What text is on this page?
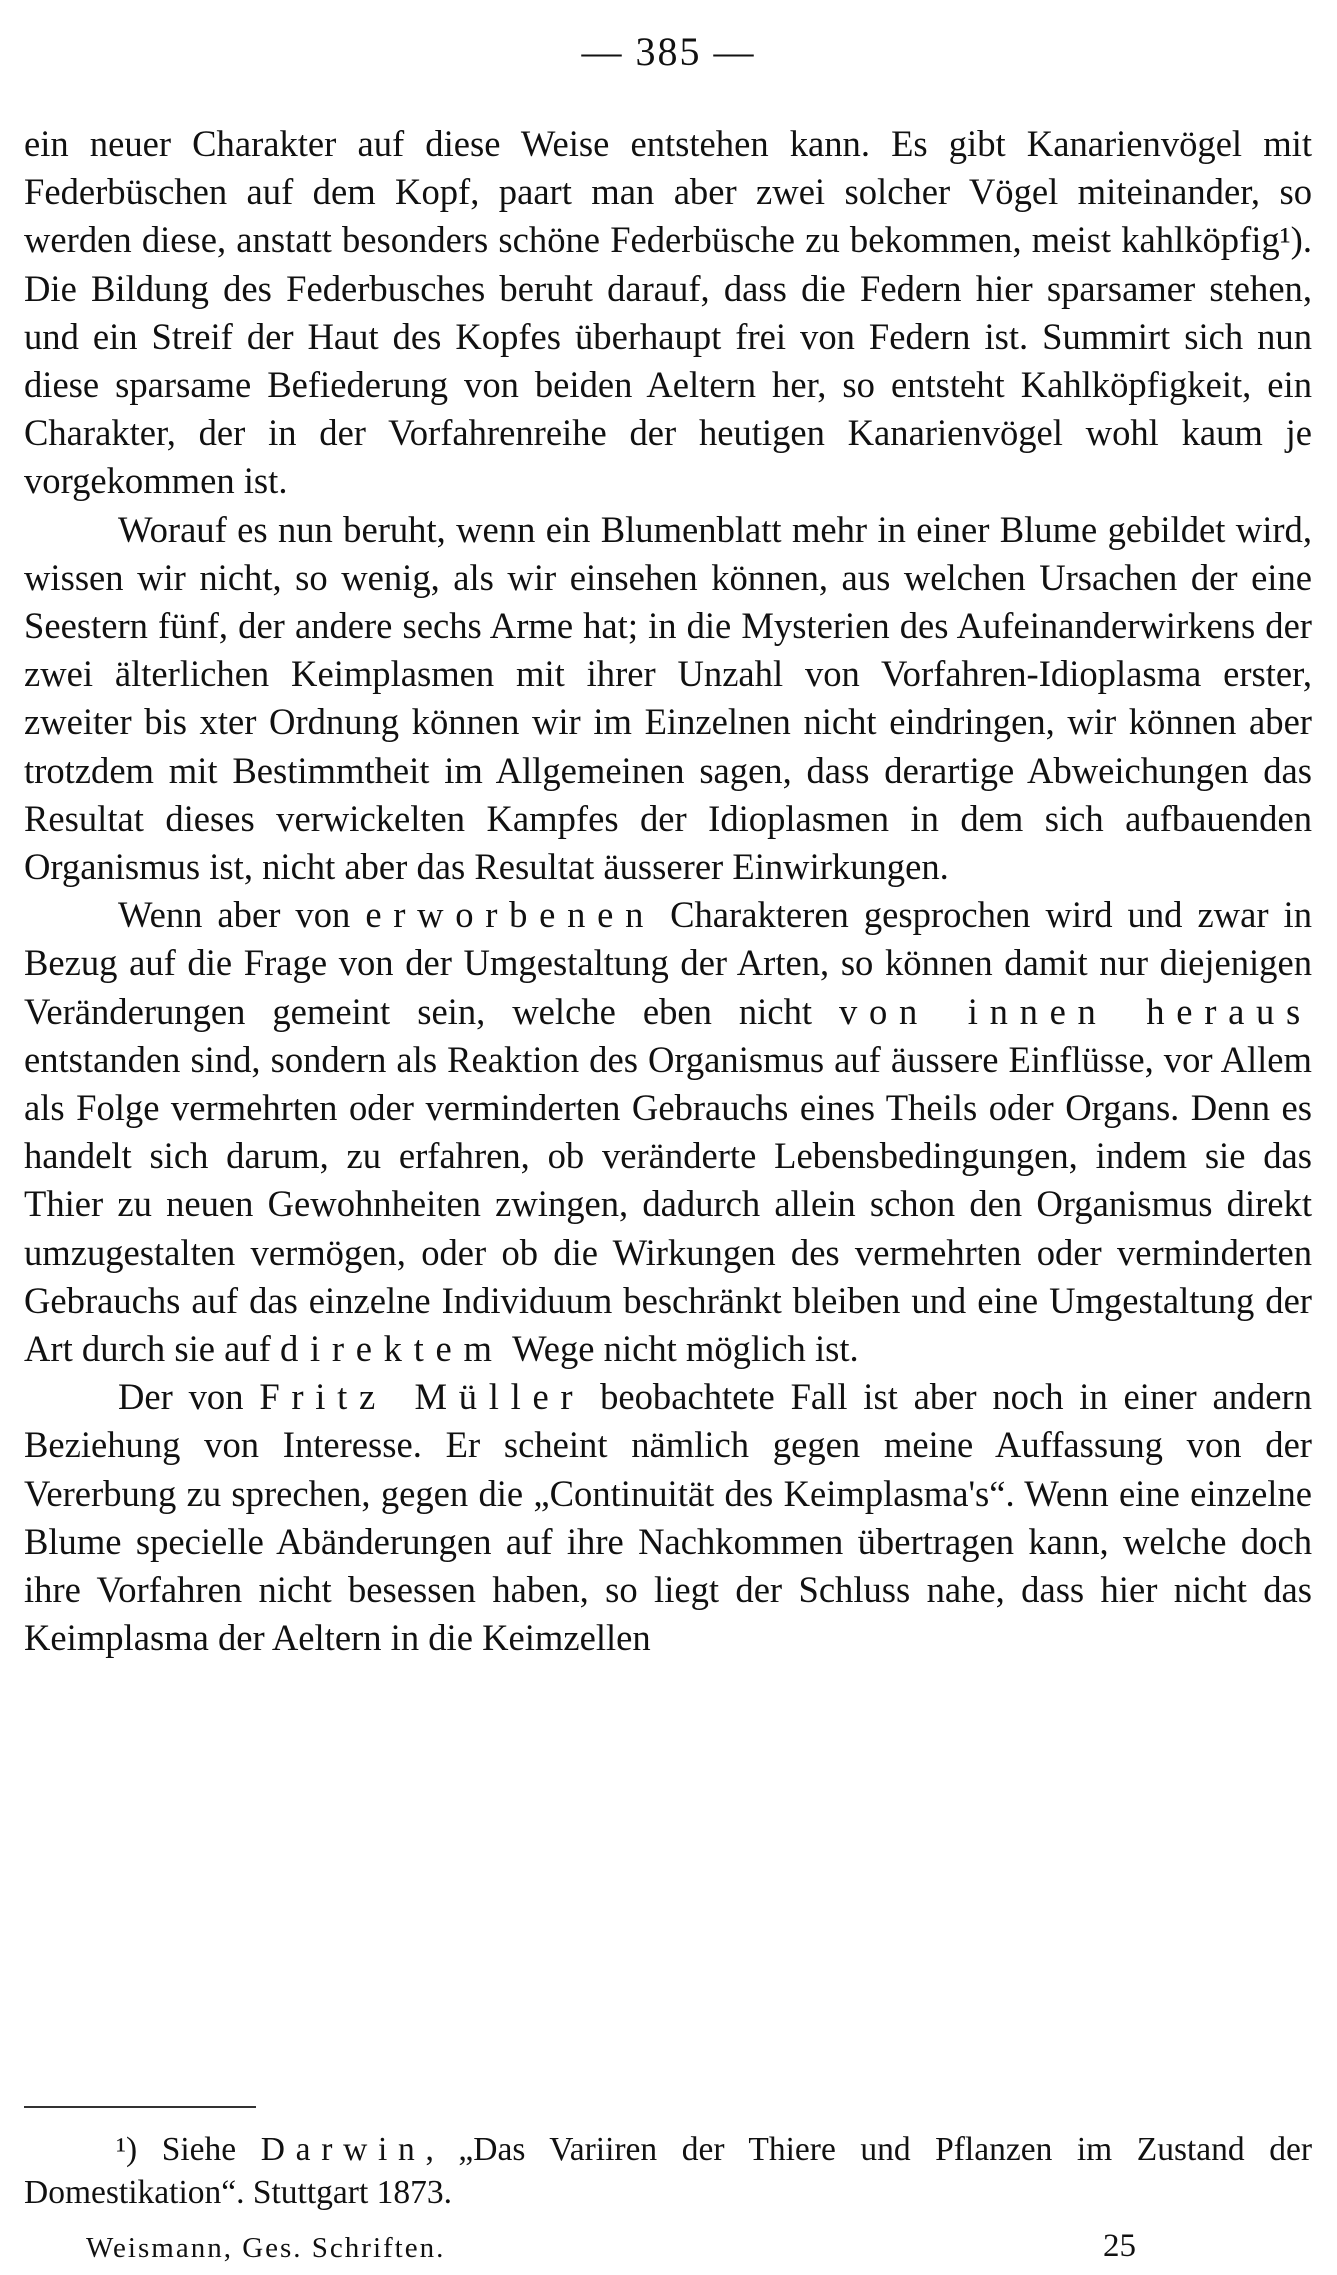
— 385 —

ein neuer Charakter auf diese Weise entstehen kann. Es gibt Kanarienvögel mit Federbüschen auf dem Kopf, paart man aber zwei solcher Vögel miteinander, so werden diese, anstatt besonders schöne Federbüsche zu bekommen, meist kahlköpfig¹). Die Bildung des Federbusches beruht darauf, dass die Federn hier sparsamer stehen, und ein Streif der Haut des Kopfes überhaupt frei von Federn ist. Summirt sich nun diese sparsame Befiederung von beiden Aeltern her, so entsteht Kahlköpfigkeit, ein Charakter, der in der Vorfahrenreihe der heutigen Kanarienvögel wohl kaum je vorgekommen ist.

Worauf es nun beruht, wenn ein Blumenblatt mehr in einer Blume gebildet wird, wissen wir nicht, so wenig, als wir einsehen können, aus welchen Ursachen der eine Seestern fünf, der andere sechs Arme hat; in die Mysterien des Aufeinanderwirkens der zwei älterlichen Keimplasmen mit ihrer Unzahl von Vorfahren-Idioplasma erster, zweiter bis xter Ordnung können wir im Einzelnen nicht eindringen, wir können aber trotzdem mit Bestimmtheit im Allgemeinen sagen, dass derartige Abweichungen das Resultat dieses verwickelten Kampfes der Idioplasmen in dem sich aufbauenden Organismus ist, nicht aber das Resultat äusserer Einwirkungen.

Wenn aber von erworbenen Charakteren gesprochen wird und zwar in Bezug auf die Frage von der Umgestaltung der Arten, so können damit nur diejenigen Veränderungen gemeint sein, welche eben nicht von innen heraus entstanden sind, sondern als Reaktion des Organismus auf äussere Einflüsse, vor Allem als Folge vermehrten oder verminderten Gebrauchs eines Theils oder Organs. Denn es handelt sich darum, zu erfahren, ob veränderte Lebensbedingungen, indem sie das Thier zu neuen Gewohnheiten zwingen, dadurch allein schon den Organismus direkt umzugestalten vermögen, oder ob die Wirkungen des vermehrten oder verminderten Gebrauchs auf das einzelne Individuum beschränkt bleiben und eine Umgestaltung der Art durch sie auf direktem Wege nicht möglich ist.

Der von Fritz Müller beobachtete Fall ist aber noch in einer andern Beziehung von Interesse. Er scheint nämlich gegen meine Auffassung von der Vererbung zu sprechen, gegen die „Continuität des Keimplasma's“. Wenn eine einzelne Blume specielle Abänderungen auf ihre Nachkommen übertragen kann, welche doch ihre Vorfahren nicht besessen haben, so liegt der Schluss nahe, dass hier nicht das Keimplasma der Aeltern in die Keimzellen

¹) Siehe Darwin, „Das Variiren der Thiere und Pflanzen im Zustand der Domestikation“. Stuttgart 1873.
Weismann, Ges. Schriften.	25
